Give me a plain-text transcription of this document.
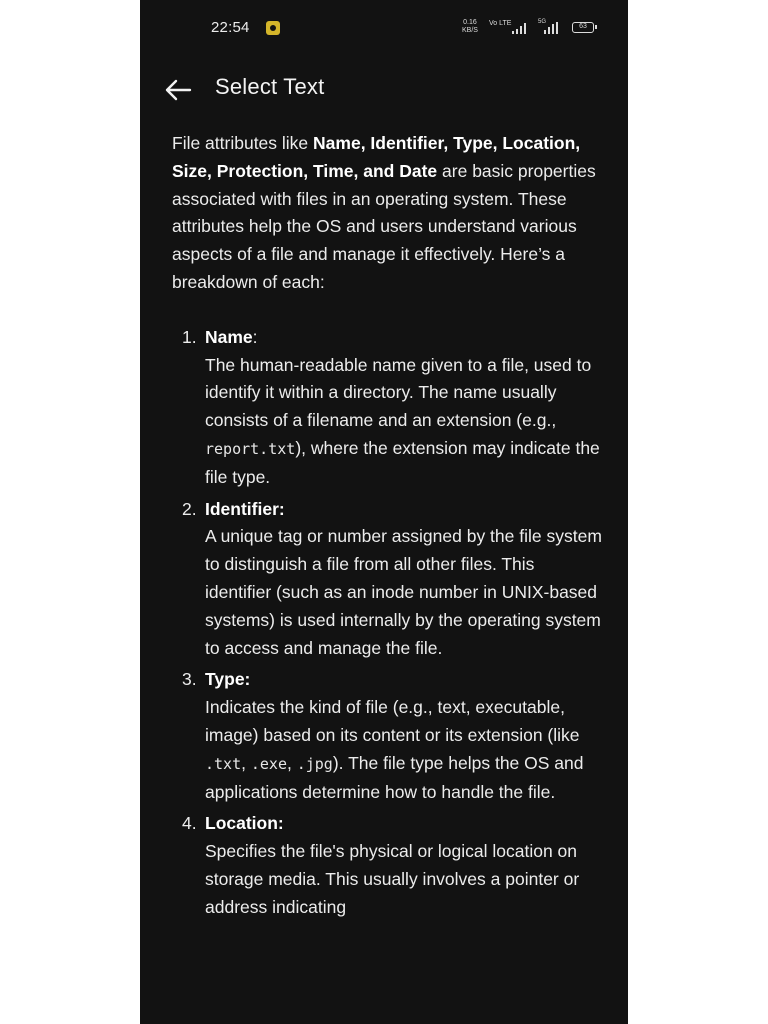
22:54	0.16
KB/S
Vo LTE	5G
63
Select Text

File attributes like Name, Identifier, Type, Location, Size, Protection, Time, and Date are basic properties associated with files in an operating system. These attributes help the OS and users understand various aspects of a file and manage it effectively. Here’s a breakdown of each:

1. Name:
The human-readable name given to a file, used to identify it within a directory. The name usually consists of a filename and an extension (e.g., report.txt), where the extension may indicate the file type.
2. Identifier:
A unique tag or number assigned by the file system to distinguish a file from all other files. This identifier (such as an inode number in UNIX-based systems) is used internally by the operating system to access and manage the file.
3. Type:
Indicates the kind of file (e.g., text, executable, image) based on its content or its extension (like .txt, .exe, .jpg). The file type helps the OS and applications determine how to handle the file.
4. Location:
Specifies the file's physical or logical location on storage media. This usually involves a pointer or address indicating
